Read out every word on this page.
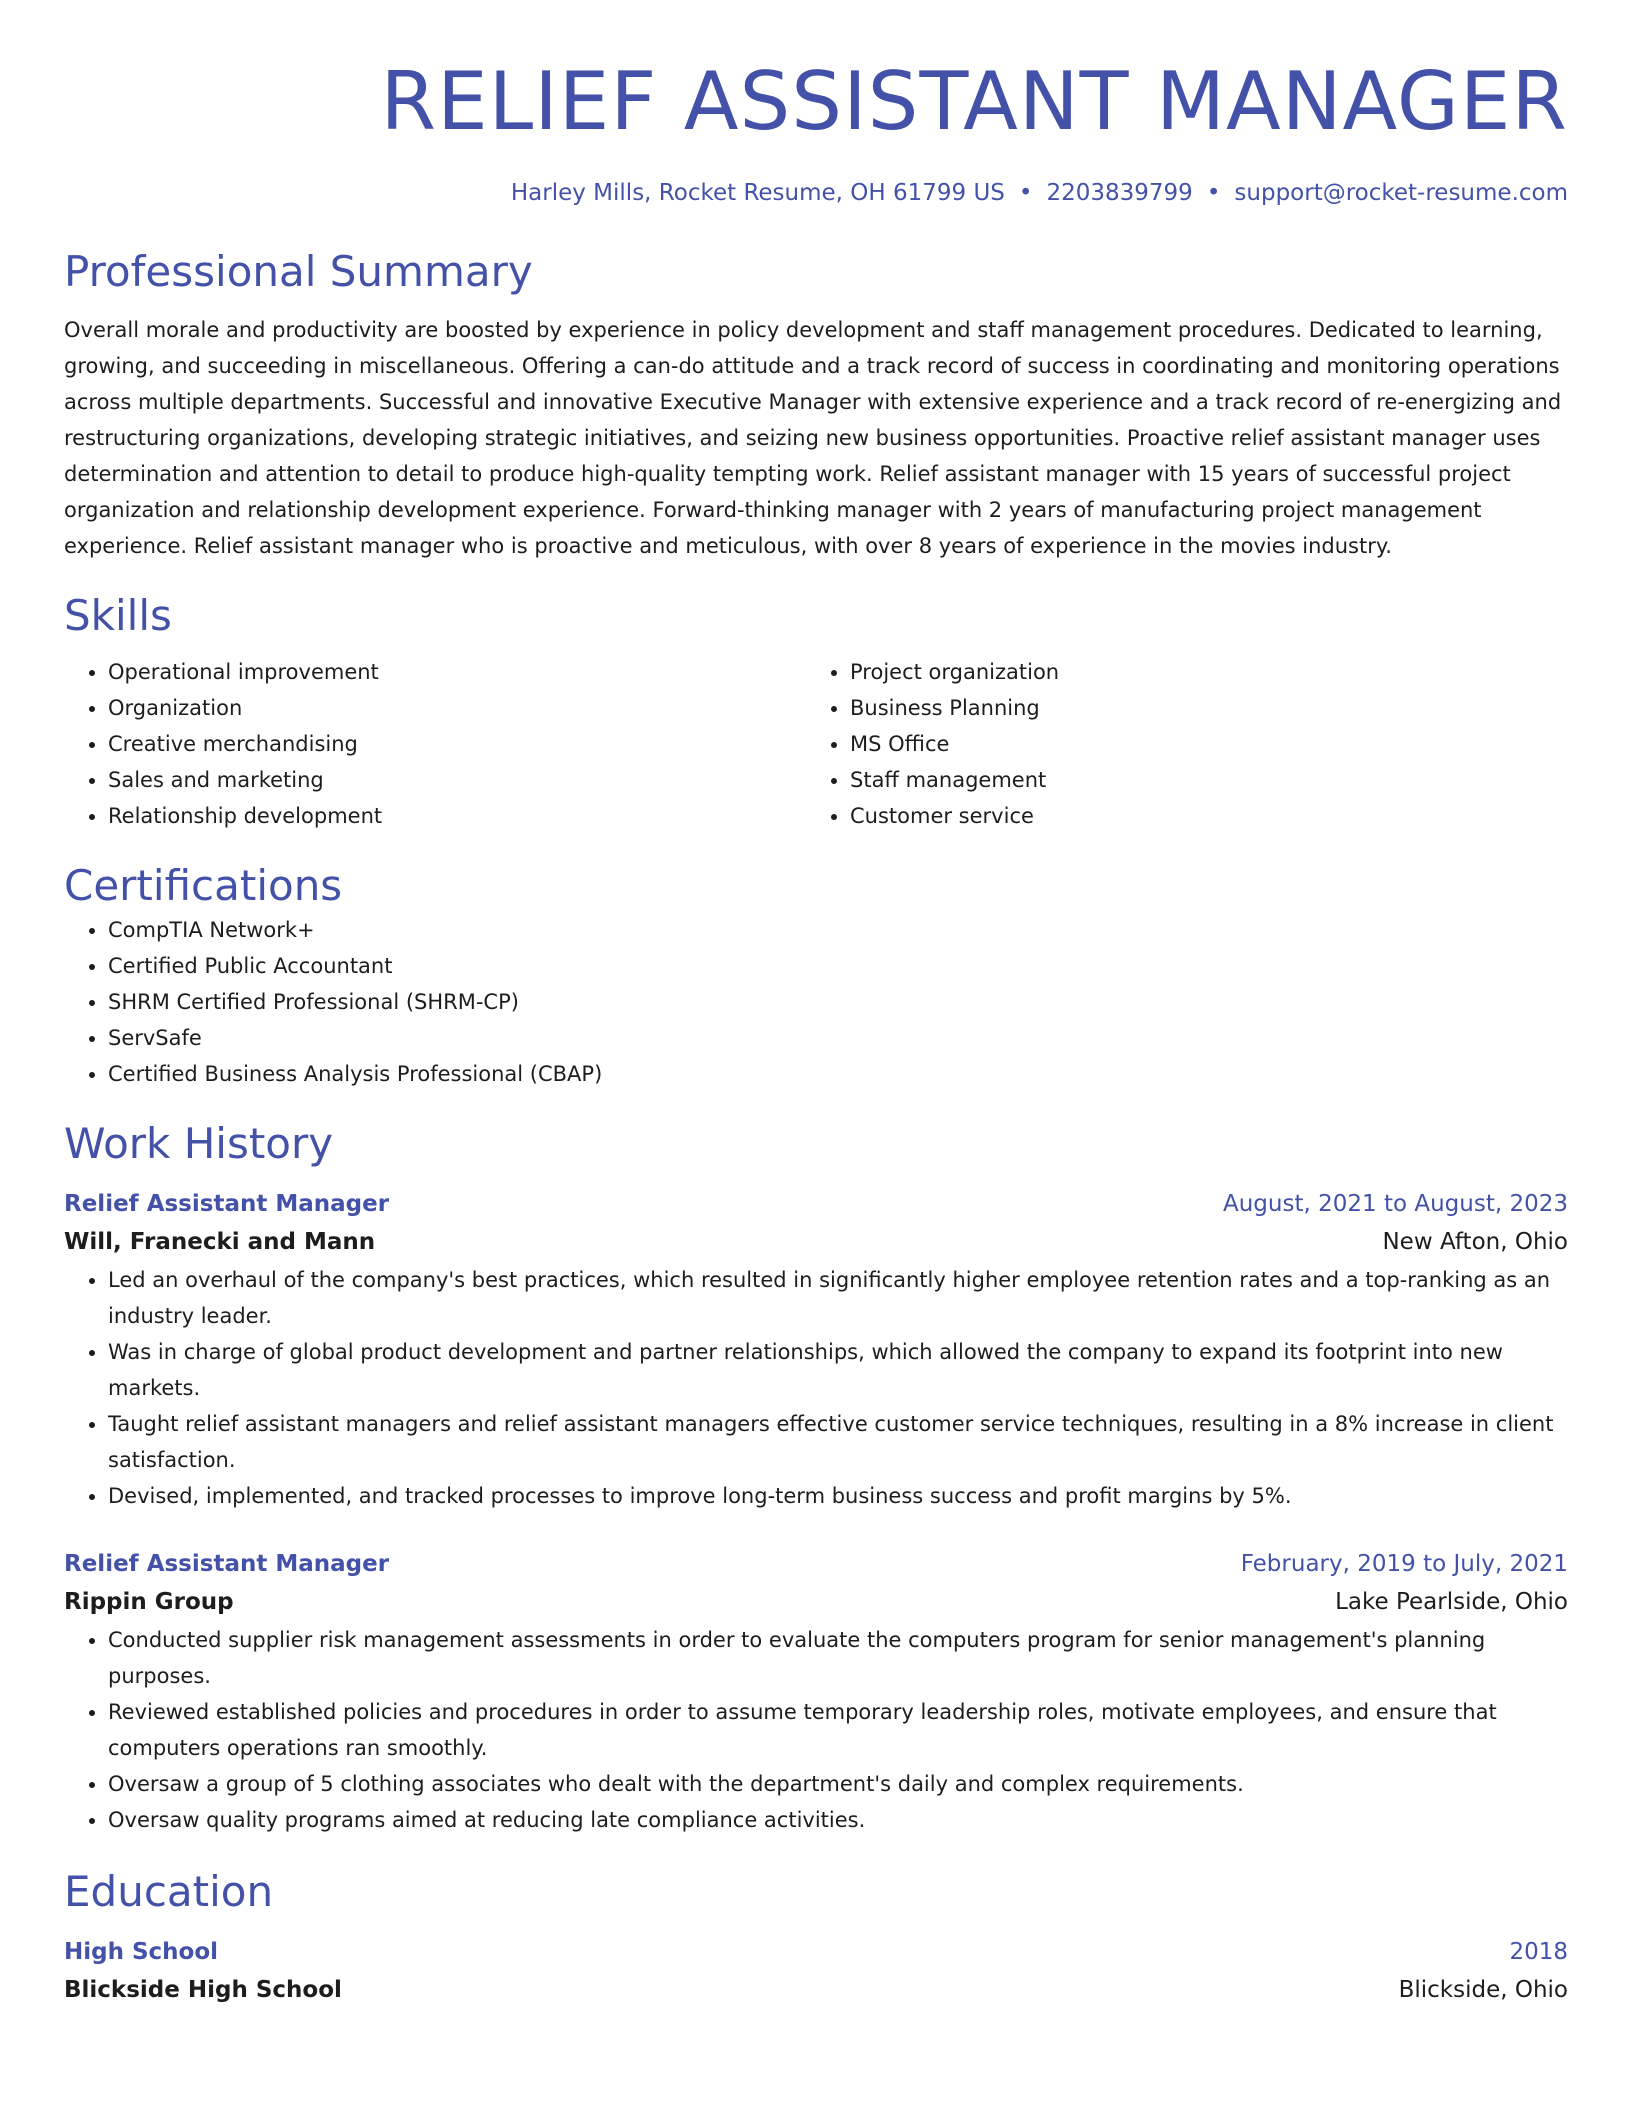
RELIEF ASSISTANT MANAGER
Harley Mills, Rocket Resume, OH 61799 US • 2203839799 • support@rocket-resume.com
Professional Summary

Overall morale and productivity are boosted by experience in policy development and staff management procedures. Dedicated to learning, growing, and succeeding in miscellaneous. Offering a can-do attitude and a track record of success in coordinating and monitoring operations across multiple departments. Successful and innovative Executive Manager with extensive experience and a track record of re-energizing and restructuring organizations, developing strategic initiatives, and seizing new business opportunities. Proactive relief assistant manager uses determination and attention to detail to produce high-quality tempting work. Relief assistant manager with 15 years of successful project organization and relationship development experience. Forward-thinking manager with 2 years of manufacturing project management experience. Relief assistant manager who is proactive and meticulous, with over 8 years of experience in the movies industry.

Skills
• Operational improvement
• Organization
• Creative merchandising
• Sales and marketing
• Relationship development
• Project organization
• Business Planning
• MS Office
• Staff management
• Customer service
Certifications
• CompTIA Network+
• Certified Public Accountant
• SHRM Certified Professional (SHRM-CP)
• ServSafe
• Certified Business Analysis Professional (CBAP)
Work History
Relief Assistant Manager	August, 2021 to August, 2023
Will, Franecki and Mann	New Afton, Ohio
• Led an overhaul of the company's best practices, which resulted in significantly higher employee retention rates and a top-ranking as an industry leader.
• Was in charge of global product development and partner relationships, which allowed the company to expand its footprint into new markets.
• Taught relief assistant managers and relief assistant managers effective customer service techniques, resulting in a 8% increase in client satisfaction.
• Devised, implemented, and tracked processes to improve long-term business success and profit margins by 5%.
Relief Assistant Manager	February, 2019 to July, 2021
Rippin Group	Lake Pearlside, Ohio
• Conducted supplier risk management assessments in order to evaluate the computers program for senior management's planning purposes.
• Reviewed established policies and procedures in order to assume temporary leadership roles, motivate employees, and ensure that computers operations ran smoothly.
• Oversaw a group of 5 clothing associates who dealt with the department's daily and complex requirements.
• Oversaw quality programs aimed at reducing late compliance activities.
Education
High School	2018
Blickside High School	Blickside, Ohio
